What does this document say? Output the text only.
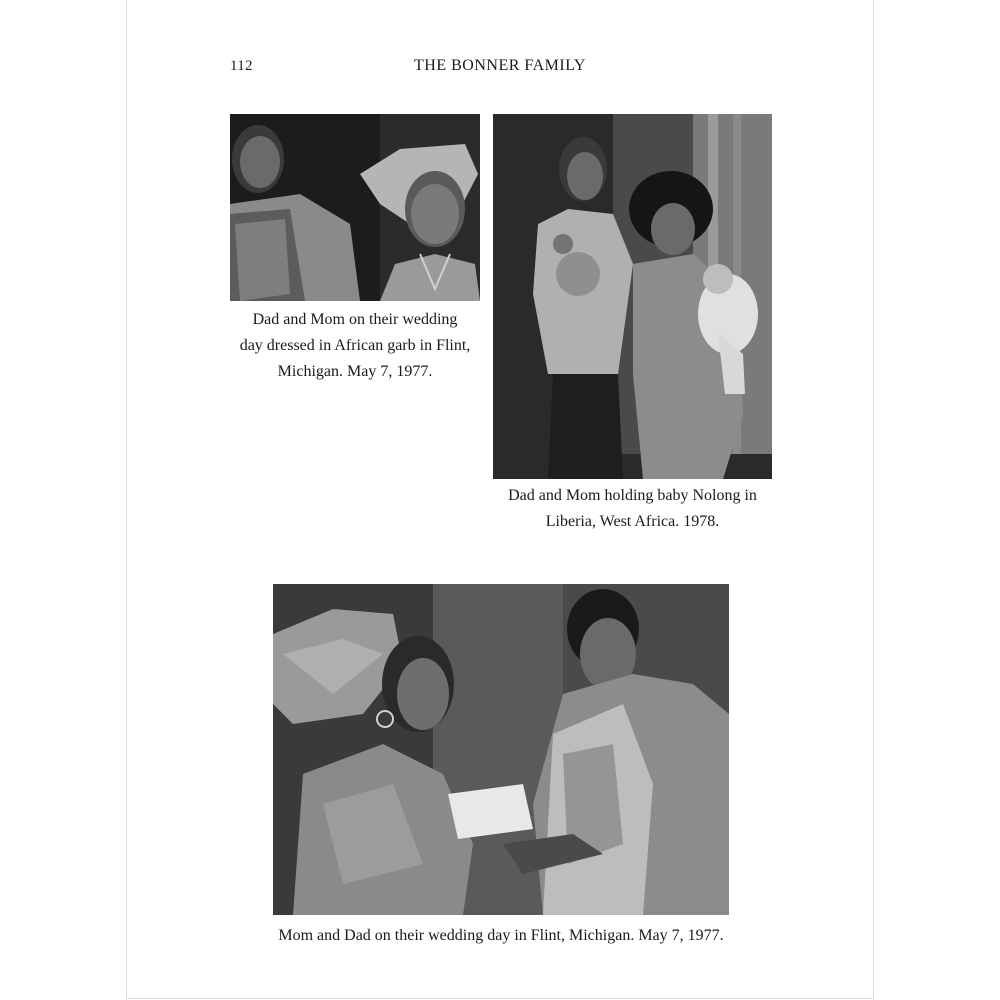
112	THE BONNER FAMILY
Dad and Mom on their wedding
day dressed in African garb in Flint,
Michigan. May 7, 1977.
Dad and Mom holding baby Nolong in
Liberia, West Africa. 1978.
Mom and Dad on their wedding day in Flint, Michigan. May 7, 1977.
